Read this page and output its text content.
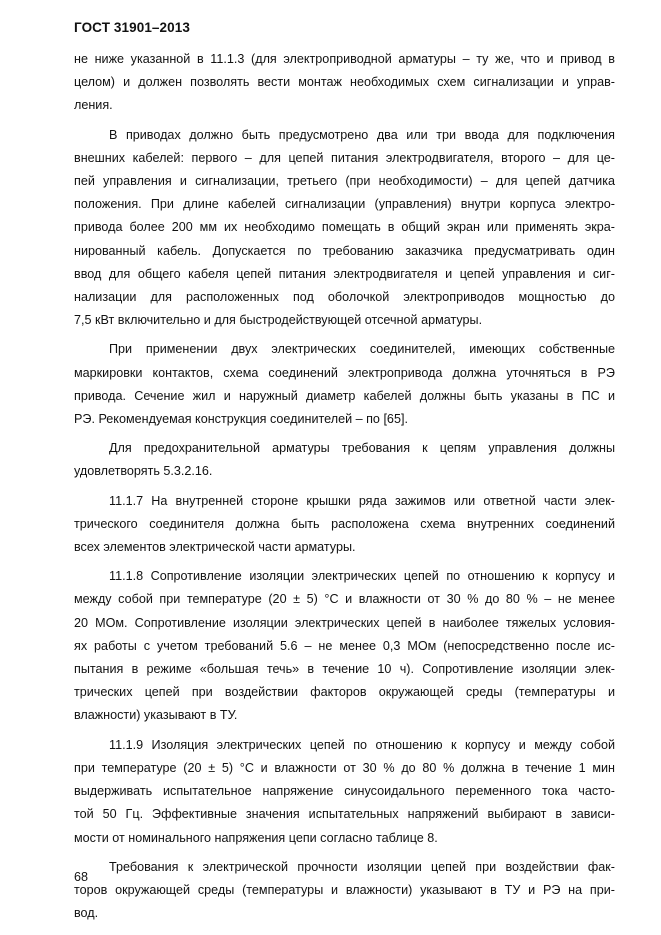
ГОСТ 31901–2013
не ниже указанной в 11.1.3 (для электроприводной арматуры – ту же, что и привод в
целом) и должен позволять вести монтаж необходимых схем сигнализации и управ-
ления.
В приводах должно быть предусмотрено два или три ввода для подключения
внешних кабелей: первого – для цепей питания электродвигателя, второго – для це-
пей управления и сигнализации, третьего (при необходимости) – для цепей датчика
положения. При длине кабелей сигнализации (управления) внутри корпуса электро-
привода более 200 мм их необходимо помещать в общий экран или применять экра-
нированный кабель. Допускается по требованию заказчика предусматривать один
ввод для общего кабеля цепей питания электродвигателя и цепей управления и сиг-
нализации для расположенных под оболочкой электроприводов мощностью до
7,5 кВт включительно и для быстродействующей отсечной арматуры.
При применении двух электрических соединителей, имеющих собственные
маркировки контактов, схема соединений электропривода должна уточняться в РЭ
привода. Сечение жил и наружный диаметр кабелей должны быть указаны в ПС и
РЭ. Рекомендуемая конструкция соединителей – по [65].
Для предохранительной арматуры требования к цепям управления должны
удовлетворять 5.3.2.16.
11.1.7 На внутренней стороне крышки ряда зажимов или ответной части элек-
трического соединителя должна быть расположена схема внутренних соединений
всех элементов электрической части арматуры.
11.1.8 Сопротивление изоляции электрических цепей по отношению к корпусу и
между собой при температуре (20 ± 5) °С и влажности от 30 % до 80 % – не менее
20 МОм. Сопротивление изоляции электрических цепей в наиболее тяжелых условия-
ях работы с учетом требований 5.6 – не менее 0,3 МОм (непосредственно после ис-
пытания в режиме «большая течь» в течение 10 ч). Сопротивление изоляции элек-
трических цепей при воздействии факторов окружающей среды (температуры и
влажности) указывают в ТУ.
11.1.9 Изоляция электрических цепей по отношению к корпусу и между собой
при температуре (20 ± 5) °С и влажности от 30 % до 80 % должна в течение 1 мин
выдерживать испытательное напряжение синусоидального переменного тока часто-
той 50 Гц. Эффективные значения испытательных напряжений выбирают в зависи-
мости от номинального напряжения цепи согласно таблице 8.
Требования к электрической прочности изоляции цепей при воздействии фак-
торов окружающей среды (температуры и влажности) указывают в ТУ и РЭ на при-
вод.
68
